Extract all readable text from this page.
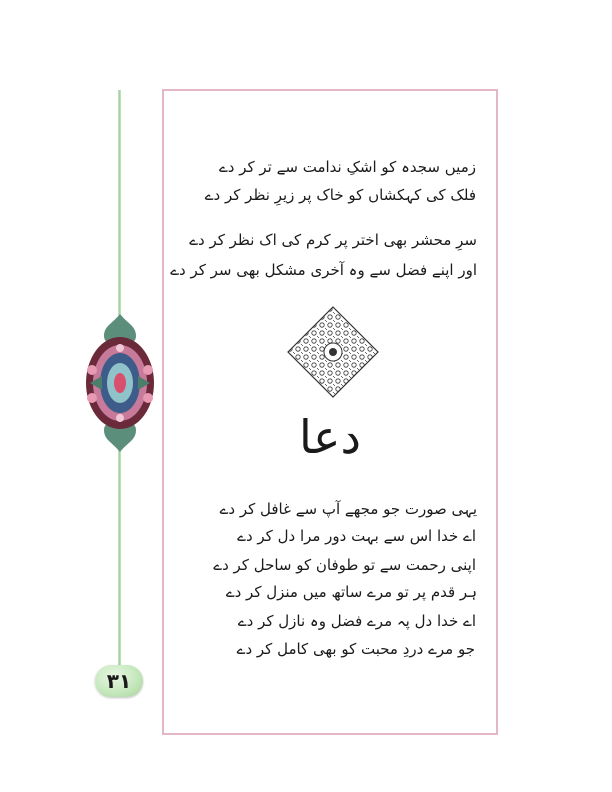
۳۱
زمیں سجدہ کو اشکِ ندامت سے تر کر دے
فلک کی کہکشاں کو خاک پر زیرِ نظر کر دے
سرِ محشر بھی اختر پر کرم کی اک نظر کر دے
اور اپنے فضل سے وہ آخری مشکل بھی سر کر دے
دعا
یہی صورت جو مجھے آپ سے غافل کر دے
اے خدا اس سے بہت دور مرا دل کر دے
اپنی رحمت سے تو طوفان کو ساحل کر دے
ہر قدم پر تو مرے ساتھ میں منزل کر دے
اے خدا دل پہ مرے فضل وہ نازل کر دے
جو مرے دردِ محبت کو بھی کامل کر دے
